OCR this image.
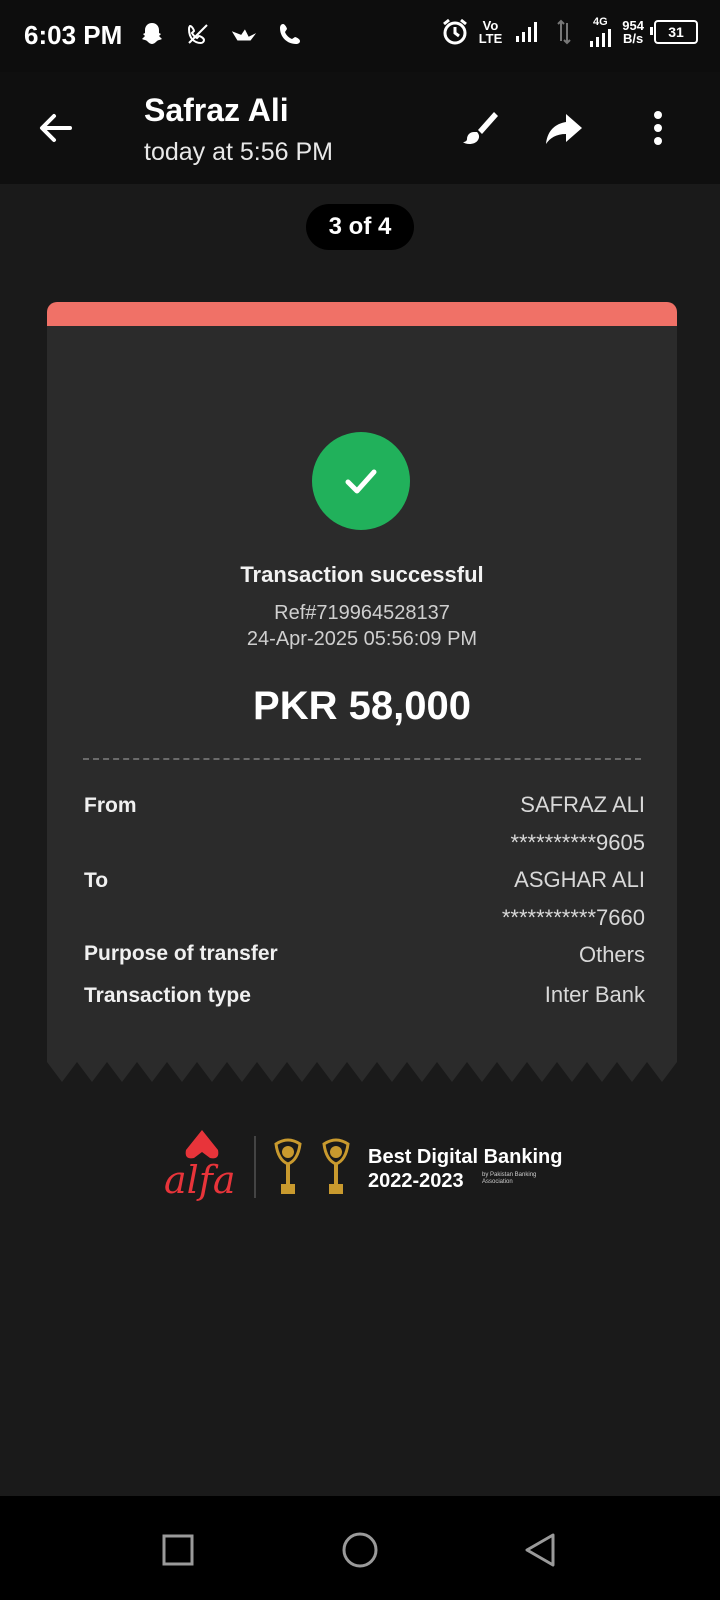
6:03 PM	Vo
LTE
4G 954
B/s 31
Safraz Ali
today at 5:56 PM
3 of 4
Transaction successful
Ref#719964528137
24-Apr-2025 05:56:09 PM
PKR 58,000
From	SAFRAZ ALI
**********9605
To	ASGHAR ALI
***********7660
Purpose of transfer	Others
Transaction type	Inter Bank
alfa
Best Digital Banking
2022-2023	by Pakistan Banking Association
